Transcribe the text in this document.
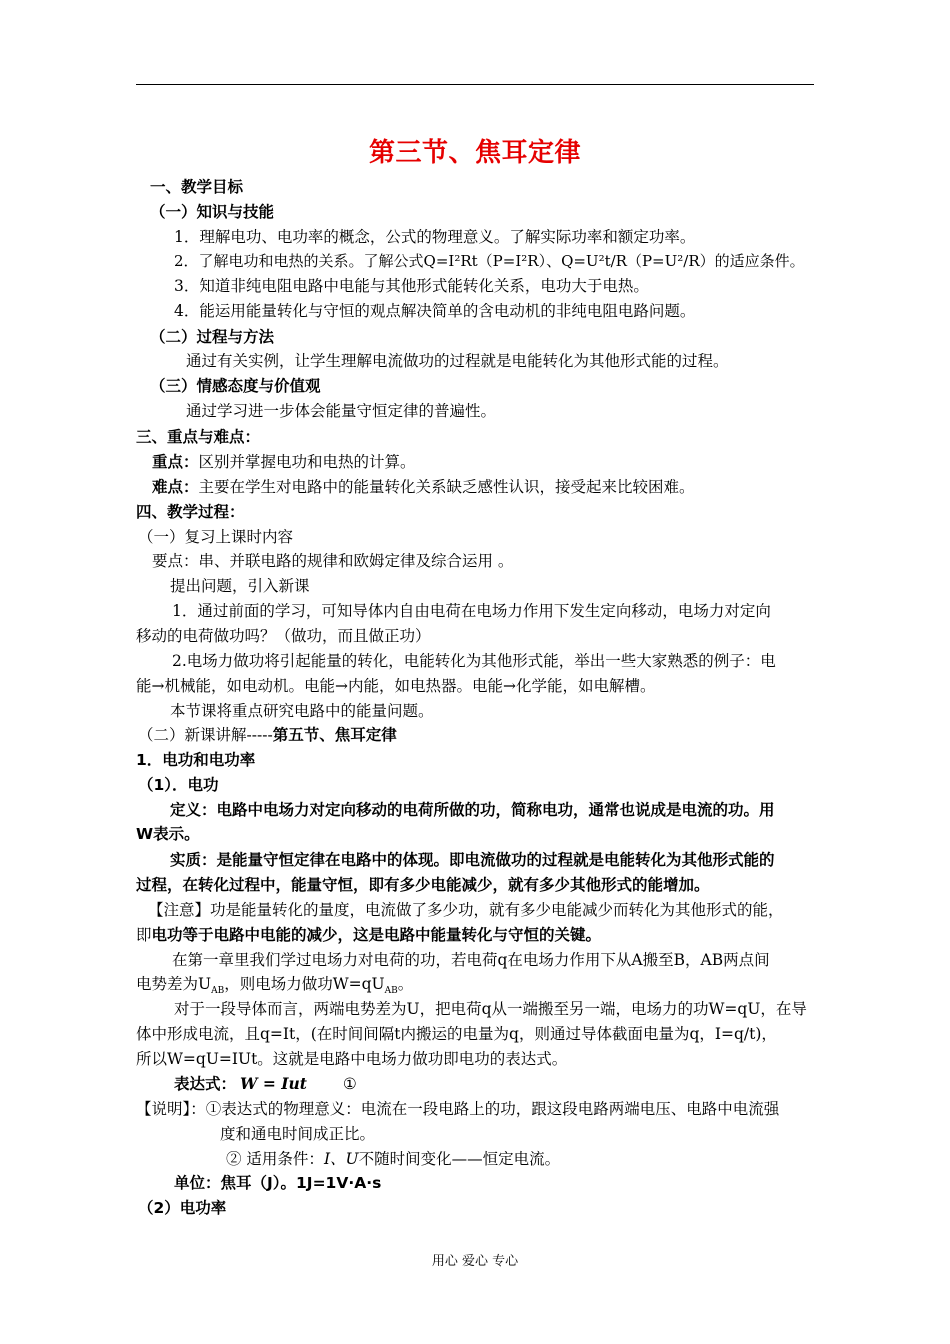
第三节、焦耳定律
一、教学目标
（一）知识与技能
1．理解电功、电功率的概念，公式的物理意义。了解实际功率和额定功率。
2．了解电功和电热的关系。了解公式Q=I²Rt（P=I²R）、Q=U²t/R（P=U²/R）的适应条件。
3．知道非纯电阻电路中电能与其他形式能转化关系，电功大于电热。
4．能运用能量转化与守恒的观点解决简单的含电动机的非纯电阻电路问题。
（二）过程与方法
通过有关实例，让学生理解电流做功的过程就是电能转化为其他形式能的过程。
（三）情感态度与价值观
通过学习进一步体会能量守恒定律的普遍性。
三、重点与难点：
重点：区别并掌握电功和电热的计算。
难点：主要在学生对电路中的能量转化关系缺乏感性认识，接受起来比较困难。
四、教学过程：
（一）复习上课时内容
要点：串、并联电路的规律和欧姆定律及综合运用 。
提出问题，引入新课
1．通过前面的学习，可知导体内自由电荷在电场力作用下发生定向移动，电场力对定向
移动的电荷做功吗？（做功，而且做正功）
2.电场力做功将引起能量的转化，电能转化为其他形式能，举出一些大家熟悉的例子：电
能→机械能，如电动机。电能→内能，如电热器。电能→化学能，如电解槽。
本节课将重点研究电路中的能量问题。
（二）新课讲解-----第五节、焦耳定律
1．电功和电功率
（1）．电功
定义：电路中电场力对定向移动的电荷所做的功，简称电功，通常也说成是电流的功。用
W表示。
实质：是能量守恒定律在电路中的体现。即电流做功的过程就是电能转化为其他形式能的
过程，在转化过程中，能量守恒，即有多少电能减少，就有多少其他形式的能增加。
【注意】功是能量转化的量度，电流做了多少功，就有多少电能减少而转化为其他形式的能，
即电功等于电路中电能的减少，这是电路中能量转化与守恒的关键。
在第一章里我们学过电场力对电荷的功，若电荷q在电场力作用下从A搬至B，AB两点间
电势差为$U_{AB}$，则电场力做功$W=qU_{AB}$。
对于一段导体而言，两端电势差为U，把电荷q从一端搬至另一端，电场力的功W=qU，在导
体中形成电流，且q=It，(在时间间隔t内搬运的电量为q，则通过导体截面电量为q，I=q/t)，
所以W=qU=IUt。这就是电路中电场力做功即电功的表达式。
表达式： W = Iut ①
【说明】：①表达式的物理意义：电流在一段电路上的功，跟这段电路两端电压、电路中电流强
度和通电时间成正比。
② 适用条件：I、U不随时间变化——恒定电流。
单位：焦耳（J）。1J=1V·A·s
（2）电功率
用心 爱心 专心
